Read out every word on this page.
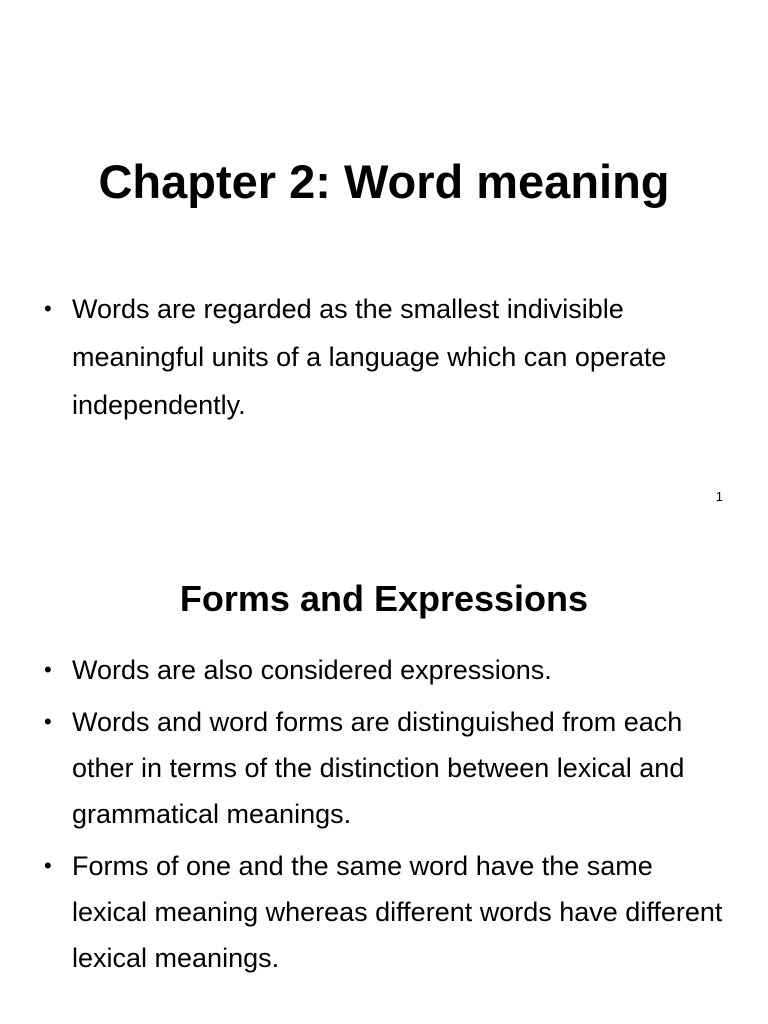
Chapter 2: Word meaning
• Words are regarded as the smallest indivisible meaningful units of a language which can operate independently.
1
Forms and Expressions
• Words are also considered expressions.
• Words and word forms are distinguished from each other in terms of the distinction between lexical and grammatical meanings.
• Forms of one and the same word have the same lexical meaning whereas different words have different lexical meanings.
